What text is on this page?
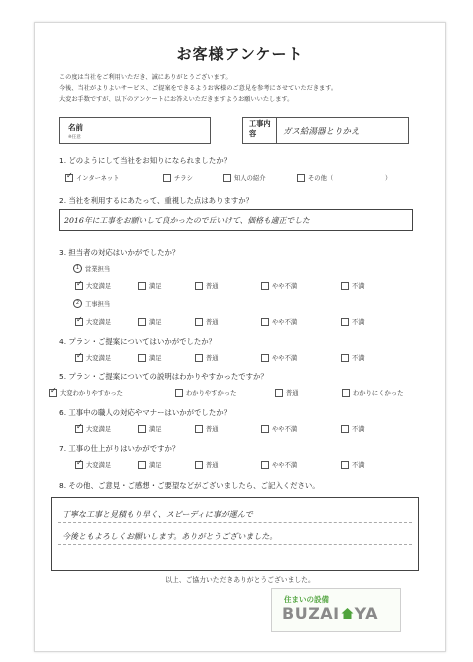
お客様アンケート
この度は当社をご利用いただき、誠にありがとうございます。
今後、当社がよりよいサービス、ご提案をできるようお客様のご意見を参考にさせていただきます。
大変お手数ですが、以下のアンケートにお答えいただきますようお願いいたします。
名前
※任意
工事内容	ガス給湯器とりかえ
1. どのようにして当社をお知りになられましたか？
✓
インターネット	チラシ	知人の紹介	その他（	）
2. 当社を利用するにあたって、重視した点はありますか？
2016年に工事をお願いして良かったので丘いけて、価格も適正でした
3. 担当者の対応はいかがでしたか？
1 営業担当
✓
大変満足	満足	普通	やや不満	不満
2 工事担当
✓
大変満足	満足	普通	やや不満	不満
4. プラン・ご提案についてはいかがでしたか？
✓
大変満足	満足	普通	やや不満	不満
5. プラン・ご提案についての説明はわかりやすかったですか？
✓
大変わかりやすかった	わかりやすかった	普通	わかりにくかった
6. 工事中の職人の対応やマナーはいかがでしたか？
✓
大変満足	満足	普通	やや不満	不満
7. 工事の仕上がりはいかがですか？
✓
大変満足	満足	普通	やや不満	不満
8. その他、ご意見・ご感想・ご要望などがございましたら、ご記入ください。
丁寧な工事と見積もり早く、スピーディに事が運んで
今後ともよろしくお願いします。ありがとうございました。
以上、ご協力いただきありがとうございました。
住まいの設備
BUZAI YA
